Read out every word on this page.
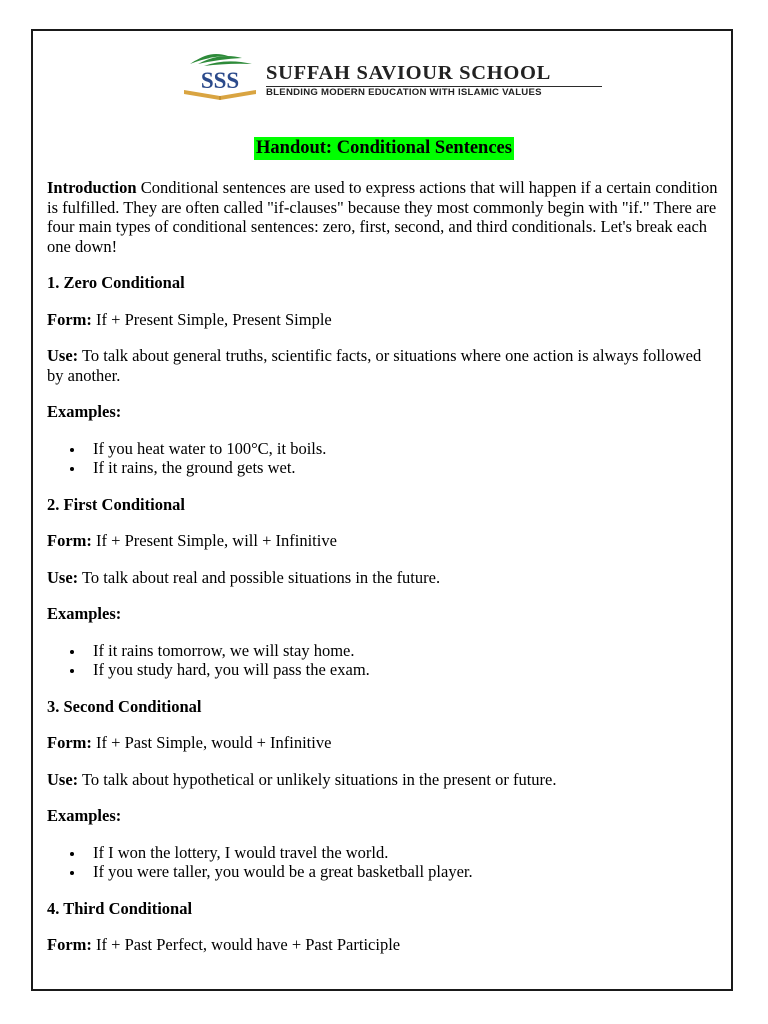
SSS SUFFAH SAVIOUR SCHOOL
BLENDING MODERN EDUCATION WITH ISLAMIC VALUES
Handout: Conditional Sentences

Introduction Conditional sentences are used to express actions that will happen if a certain condition is fulfilled. They are often called "if-clauses" because they most commonly begin with "if." There are four main types of conditional sentences: zero, first, second, and third conditionals. Let's break each one down!

1. Zero Conditional

Form: If + Present Simple, Present Simple

Use: To talk about general truths, scientific facts, or situations where one action is always followed by another.

Examples:

If you heat water to 100°C, it boils.
If it rains, the ground gets wet.

2. First Conditional

Form: If + Present Simple, will + Infinitive

Use: To talk about real and possible situations in the future.

Examples:

If it rains tomorrow, we will stay home.
If you study hard, you will pass the exam.

3. Second Conditional

Form: If + Past Simple, would + Infinitive

Use: To talk about hypothetical or unlikely situations in the present or future.

Examples:

If I won the lottery, I would travel the world.
If you were taller, you would be a great basketball player.

4. Third Conditional

Form: If + Past Perfect, would have + Past Participle
